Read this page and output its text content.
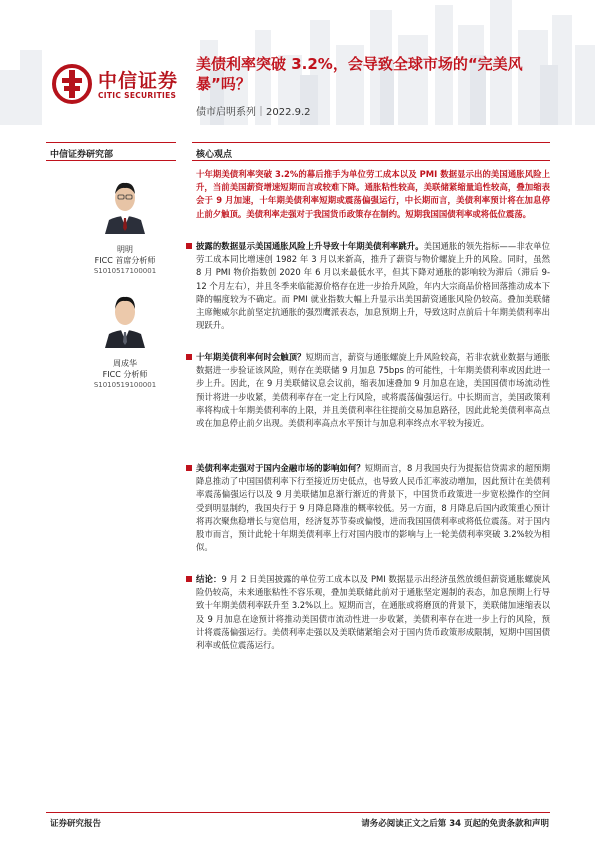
中信证券
CITIC SECURITIES
美债利率突破 3.2%，会导致全球市场的“完美风暴”吗？
债市启明系列｜2022.9.2
中信证券研究部	核心观点
明明
FICC 首席分析师
S1010517100001
周成华
FICC 分析师
S1010519100001
十年期美债利率突破 3.2%的幕后推手为单位劳工成本以及 PMI 数据显示出的美国通胀风险上升，当前美国薪资增速短期而言或较难下降。通胀粘性较高，美联储紧缩量追性较高，叠加缩表会于 9 月加速，十年期美债利率短期或震荡偏强运行，中长期而言，美债利率预计将在加息停止前夕触顶。美债利率走强对于我国货币政策存在制约。短期我国国债利率或将低位震荡。
披露的数据显示美国通胀风险上升导致十年期美债利率跳升。美国通胀的领先指标——非农单位劳工成本同比增速创 1982 年 3 月以来新高，推升了薪资与物价螺旋上升的风险。同时，虽然 8 月 PMI 物价指数创 2020 年 6 月以来最低水平，但其下降对通胀的影响较为滞后（滞后 9-12 个月左右），并且冬季来临能源价格存在进一步抬升风险，年内大宗商品价格回落推动成本下降的幅度较为不确定。而 PMI 就业指数大幅上升显示出美国薪资通胀风险仍较高。叠加美联储主席鲍威尔此前坚定抗通胀的强烈鹰派表态，加息预期上升，导致这时点前后十年期美债利率出现跃升。
十年期美债利率何时会触顶？短期而言，薪资与通胀螺旋上升风险较高，若非农就业数据与通胀数据进一步验证该风险，则存在美联储 9 月加息 75bps 的可能性，十年期美债利率或因此进一步上升。因此，在 9 月美联储议息会议前，缩表加速叠加 9 月加息在途，美国国债市场流动性预计将进一步收紧，美债利率存在一定上行风险，或将震荡偏强运行。中长期而言，美国政策利率将构成十年期美债利率的上限，并且美债利率往往提前交易加息路径，因此此轮美债利率高点或在加息停止前夕出现。美债利率高点水平预计与加息利率终点水平较为接近。
美债利率走强对于国内金融市场的影响如何？短期而言，8 月我国央行为提振信贷需求的超预期降息推动了中国国债利率下行至接近历史低点，也导致人民币汇率波动增加，因此预计在美债利率震荡偏强运行以及 9 月美联储加息渐行渐近的背景下，中国货币政策进一步宽松操作的空间受到明显制约，我国央行于 9 月降息降准的概率较低。另一方面，8 月降息后国内政策重心预计将再次聚焦稳增长与宽信用，经济复苏节奏或偏慢，进而我国国债利率或将低位震荡。对于国内股市而言，预计此轮十年期美债利率上行对国内股市的影响与上一轮美债利率突破 3.2%较为相似。
结论：9 月 2 日美国披露的单位劳工成本以及 PMI 数据显示出经济虽然放缓但薪资通胀螺旋风险仍较高，未来通胀粘性不容乐观，叠加美联储此前对于通胀坚定遏制的表态，加息预期上行导致十年期美债利率跃升至 3.2%以上。短期而言，在通胀或将磨顶的背景下，美联储加速缩表以及 9 月加息在途预计将推动美国债市流动性进一步收紧，美债利率存在进一步上行的风险，预计将震荡偏强运行。美债利率走强以及美联储紧缩会对于国内货币政策形成限制，短期中国国债利率或低位震荡运行。
证券研究报告	请务必阅读正文之后第 34 页起的免责条款和声明
